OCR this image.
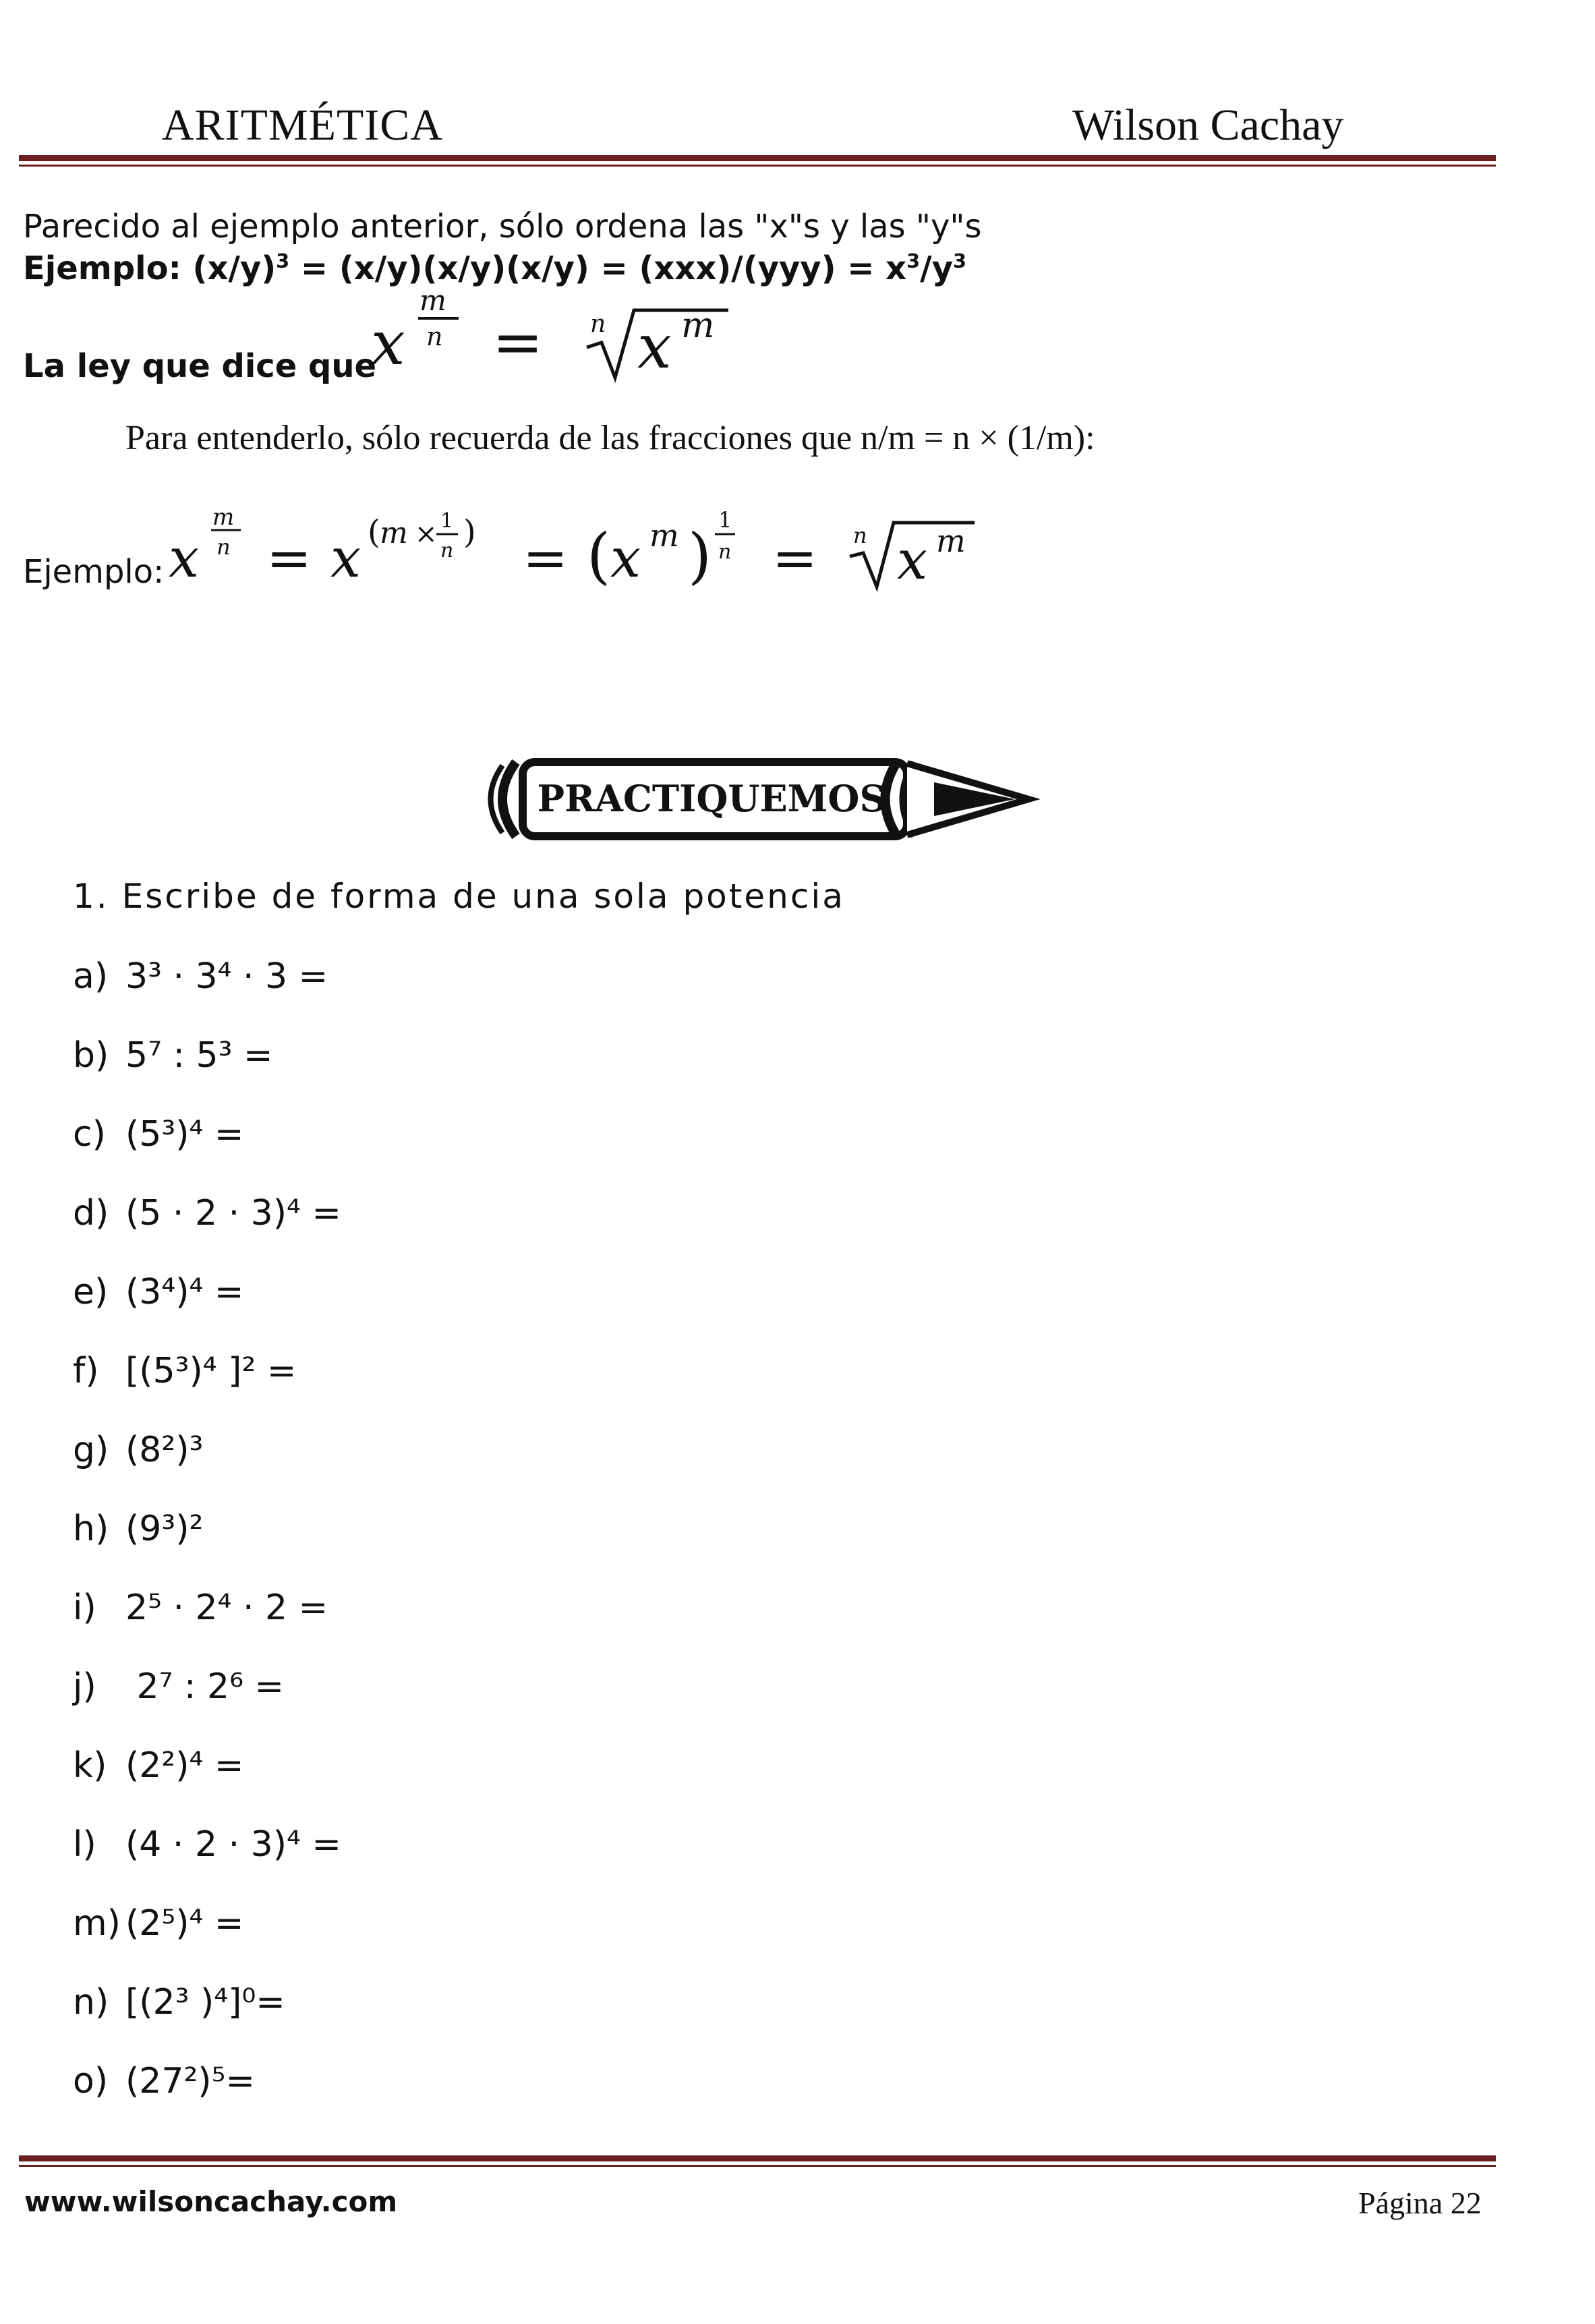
ARITMÉTICA	Wilson Cachay
Parecido al ejemplo anterior, sólo ordena las "x"s y las "y"s
Ejemplo: $(x/y)^3 = (x/y)(x/y)(x/y) = (xxx)/(yyy) = x^3/y^3$
La ley que dice que
x
m
n = n x m
Para entenderlo, sólo recuerda de las fracciones que n/m = n × (1/m):
Ejemplo: x
m
n = x ( m × 1
n ) = ( x m )
1
n = n x m
PRACTIQUEMOS
1. Escribe de forma de una sola potencia
a) 3³ · 3⁴ · 3 =
b) 5⁷ : 5³ =
c) (5³)⁴ =
d) (5 · 2 · 3)⁴ =
e) (3⁴)⁴ =
f) [(5³)⁴ ]² =
g) (8²)³
h) (9³)²
i) 2⁵ · 2⁴ · 2 =
j) 2⁷ : 2⁶ =
k) (2²)⁴ =
l) (4 · 2 · 3)⁴ =
m) (2⁵)⁴ =
n) [(2³ )⁴]⁰=
o) (27²)⁵=
www.wilsoncachay.com	Página 22
